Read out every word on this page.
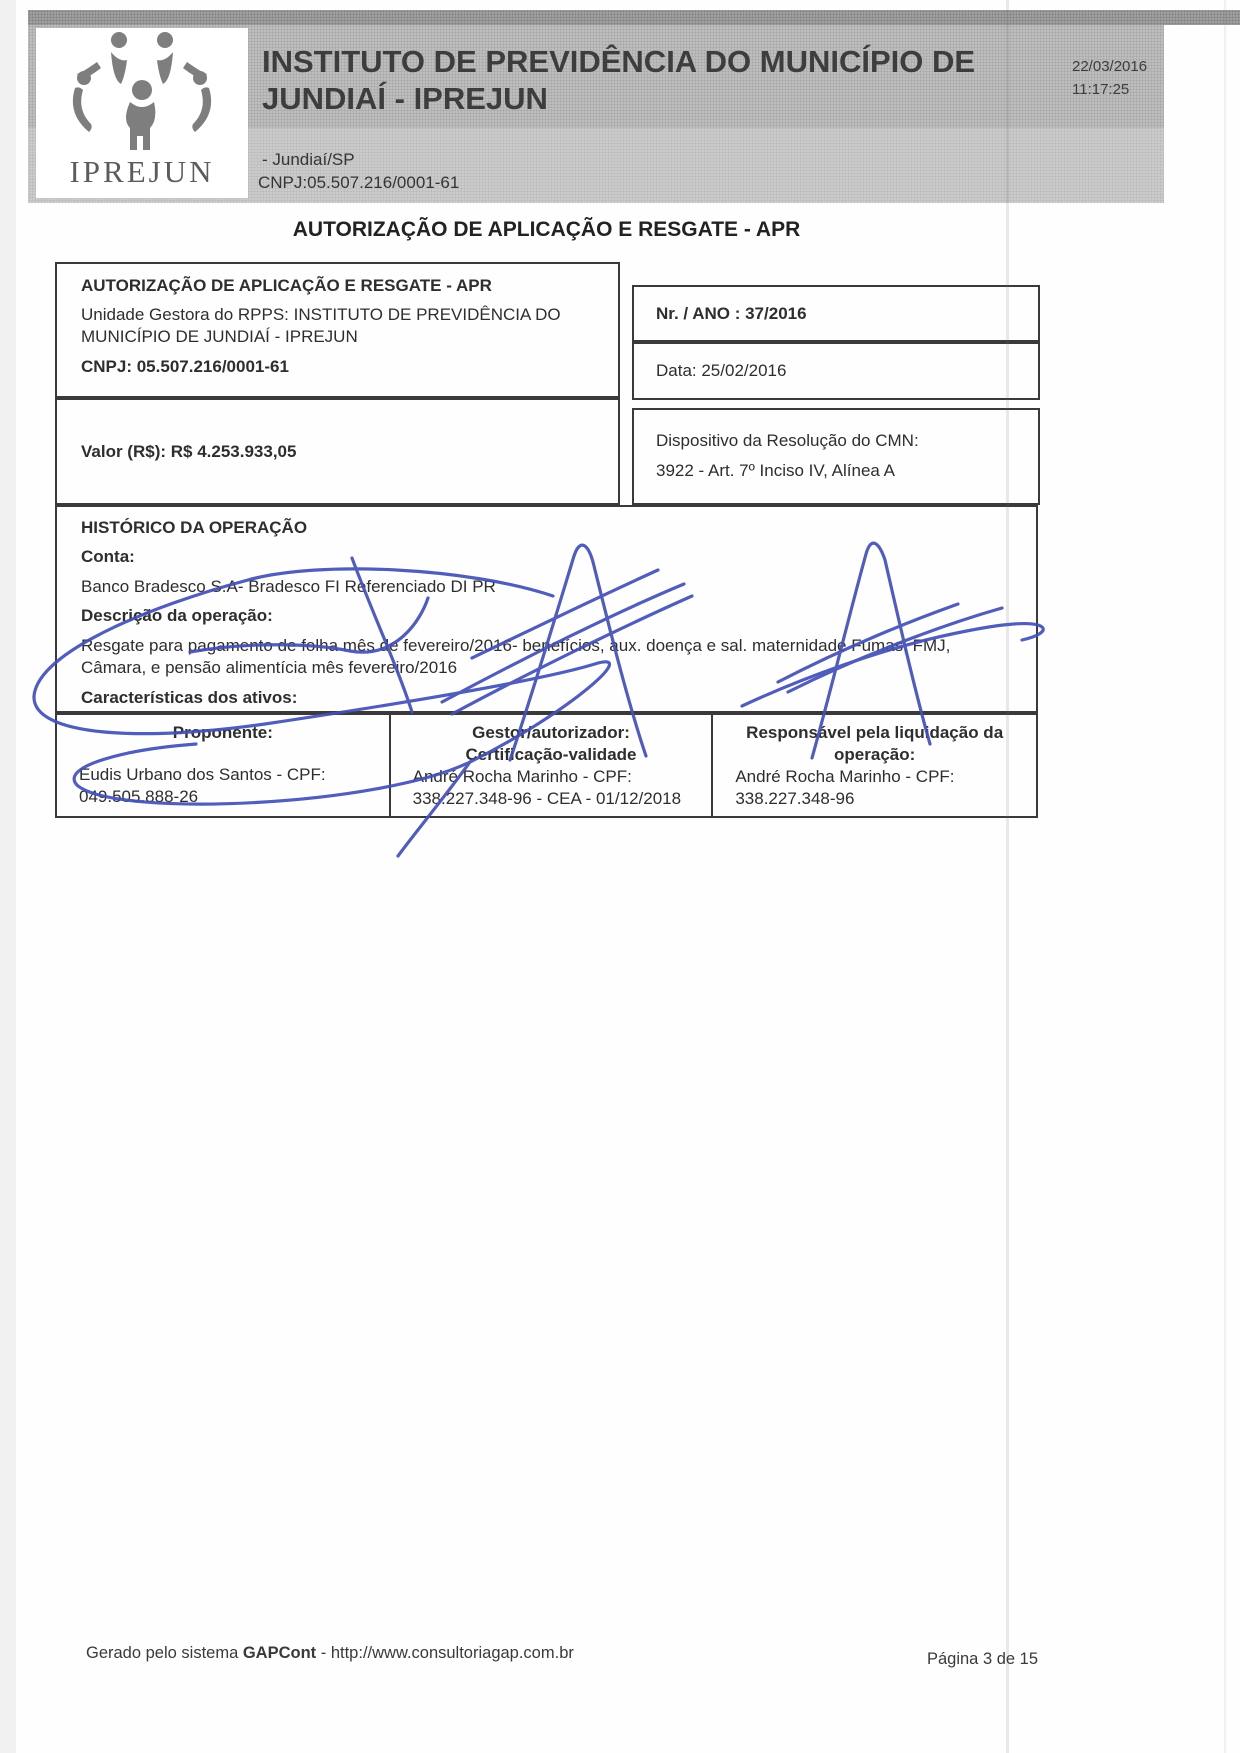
IPREJUN
INSTITUTO DE PREVIDÊNCIA DO MUNICÍPIO DE JUNDIAÍ - IPREJUN
22/03/2016
11:17:25
- Jundiaí/SP
CNPJ:05.507.216/0001-61
AUTORIZAÇÃO DE APLICAÇÃO E RESGATE - APR
AUTORIZAÇÃO DE APLICAÇÃO E RESGATE - APR
Unidade Gestora do RPPS: INSTITUTO DE PREVIDÊNCIA DO MUNICÍPIO DE JUNDIAÍ - IPREJUN
CNPJ: 05.507.216/0001-61
Nr. / ANO : 37/2016
Data: 25/02/2016
Valor (R$): R$ 4.253.933,05
Dispositivo da Resolução do CMN:
3922 - Art. 7º Inciso IV, Alínea A
HISTÓRICO DA OPERAÇÃO
Conta:
Banco Bradesco S.A- Bradesco FI Referenciado DI PR
Descrição da operação:
Resgate para pagamento de folha mês de fevereiro/2016- benefícios, aux. doença e sal. maternidade Fumas, FMJ, Câmara, e pensão alimentícia mês fevereiro/2016
Características dos ativos:
Proponente:
Eudis Urbano dos Santos - CPF:
049.505.888-26
Gestor/autorizador:
Certificação-validade
André Rocha Marinho - CPF:
338.227.348-96 - CEA - 01/12/2018
Responsável pela liquidação da
operação:
André Rocha Marinho - CPF:
338.227.348-96
Gerado pelo sistema GAPCont - http://www.consultoriagap.com.br	Página 3 de 15
